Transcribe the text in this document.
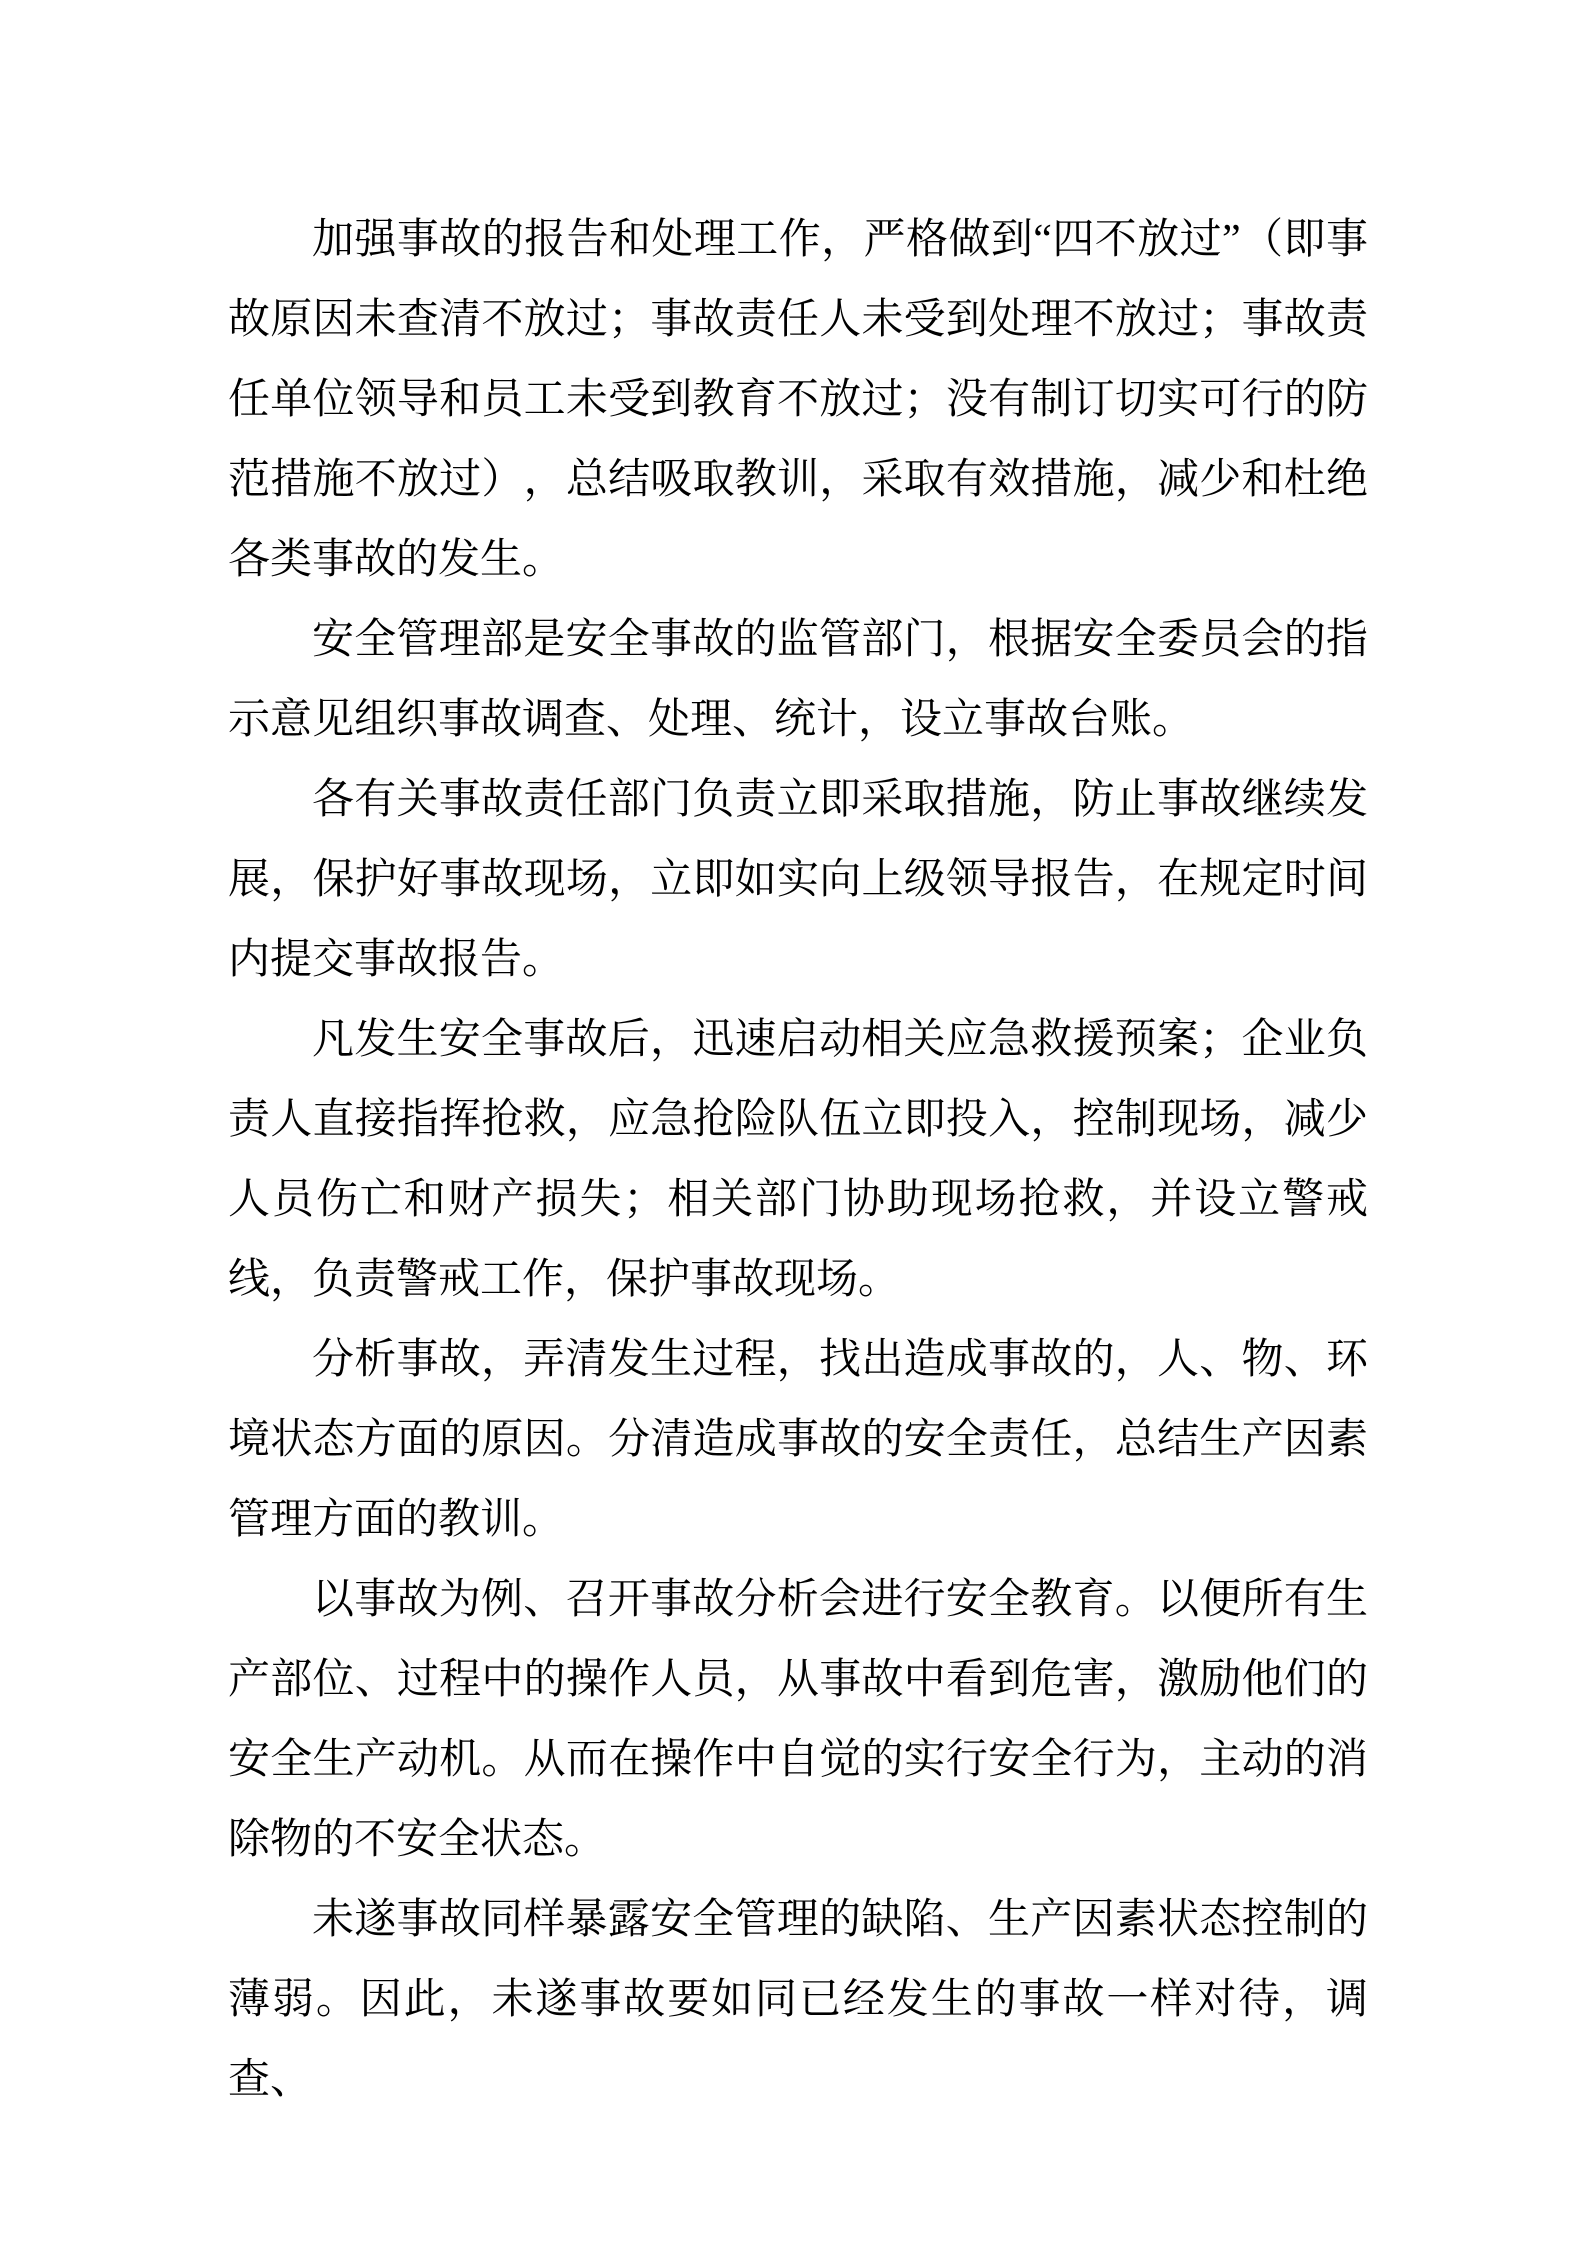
加强事故的报告和处理工作，严格做到“四不放过”（即事故原因未查清不放过；事故责任人未受到处理不放过；事故责任单位领导和员工未受到教育不放过；没有制订切实可行的防范措施不放过），总结吸取教训，采取有效措施，减少和杜绝各类事故的发生。

安全管理部是安全事故的监管部门，根据安全委员会的指示意见组织事故调查、处理、统计，设立事故台账。

各有关事故责任部门负责立即采取措施，防止事故继续发展，保护好事故现场，立即如实向上级领导报告，在规定时间内提交事故报告。

凡发生安全事故后，迅速启动相关应急救援预案；企业负责人直接指挥抢救，应急抢险队伍立即投入，控制现场，减少人员伤亡和财产损失；相关部门协助现场抢救，并设立警戒线，负责警戒工作，保护事故现场。

分析事故，弄清发生过程，找出造成事故的，人、物、环境状态方面的原因。分清造成事故的安全责任，总结生产因素管理方面的教训。

以事故为例、召开事故分析会进行安全教育。以便所有生产部位、过程中的操作人员，从事故中看到危害，激励他们的安全生产动机。从而在操作中自觉的实行安全行为，主动的消除物的不安全状态。

未遂事故同样暴露安全管理的缺陷、生产因素状态控制的薄弱。因此，未遂事故要如同已经发生的事故一样对待，调查、
